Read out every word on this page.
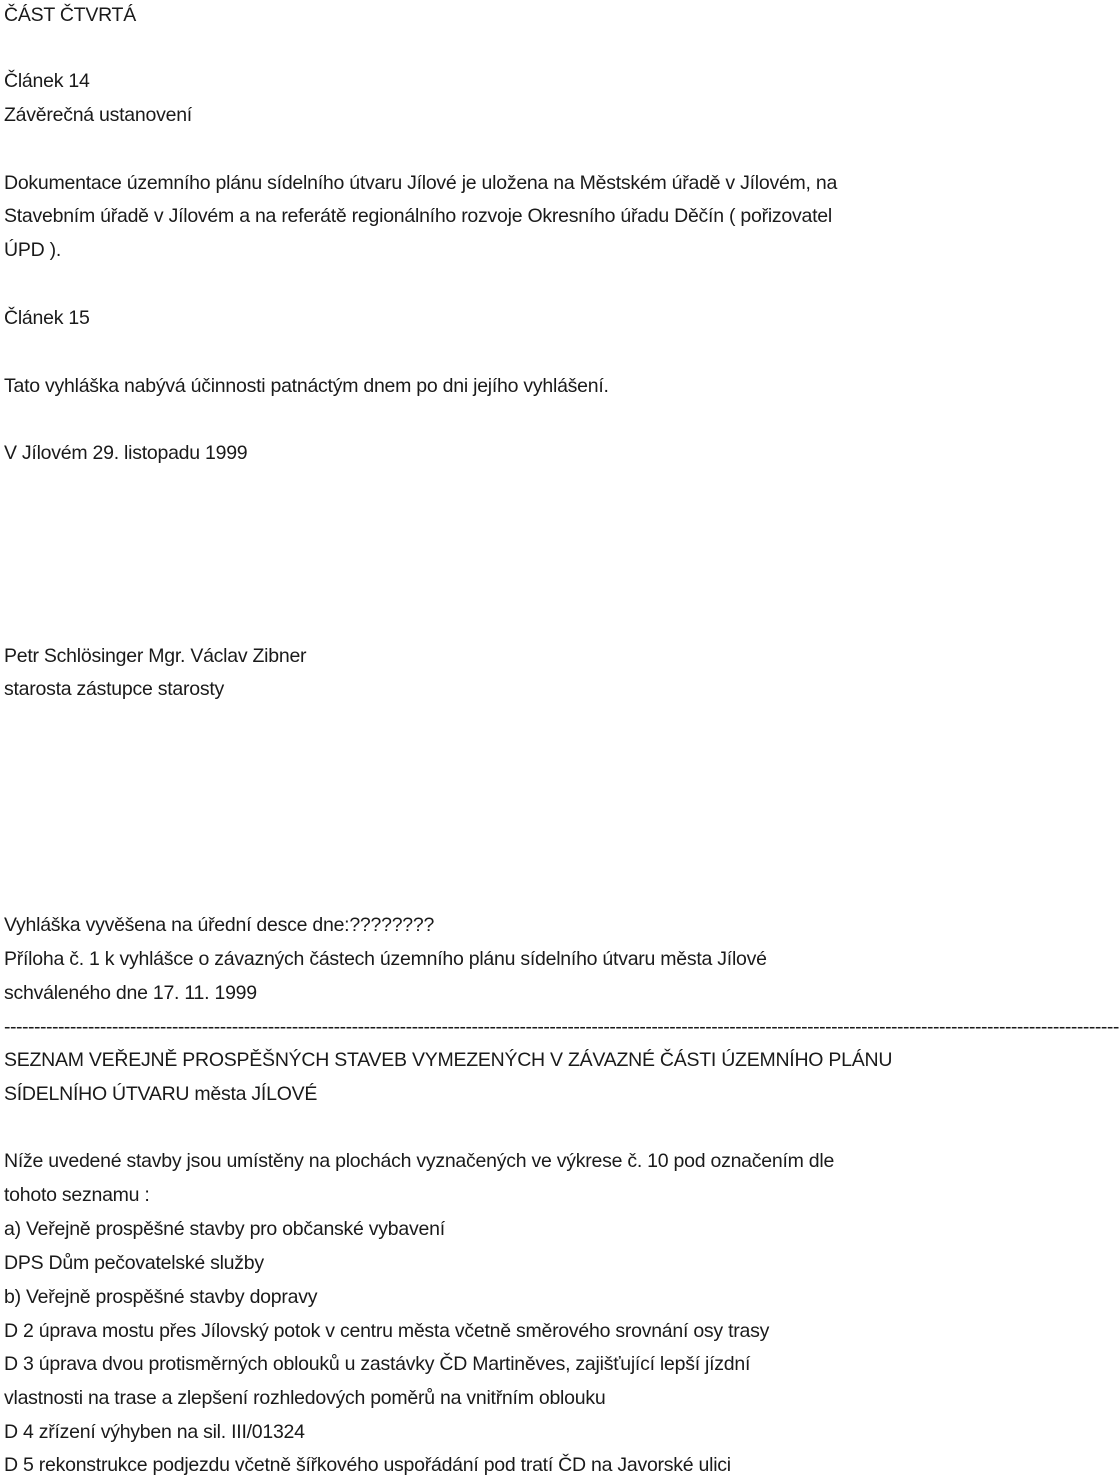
ČÁST ČTVRTÁ

Článek 14

Závěrečná ustanovení

Dokumentace územního plánu sídelního útvaru Jílové je uložena na Městském úřadě v Jílovém, na

Stavebním úřadě v Jílovém a na referátě regionálního rozvoje Okresního úřadu Děčín ( pořizovatel

ÚPD ).

Článek 15

Tato vyhláška nabývá účinnosti patnáctým dnem po dni jejího vyhlášení.

V Jílovém 29. listopadu 1999

Petr Schlösinger Mgr. Václav Zibner

starosta zástupce starosty

Vyhláška vyvěšena na úřední desce dne:????????

Příloha č. 1 k vyhlášce o závazných částech územního plánu sídelního útvaru města Jílové

schváleného dne 17. 11. 1999

------------------------------------------------------------------------------------------------------------------------------------------------------------------------------------------

SEZNAM VEŘEJNĚ PROSPĚŠNÝCH STAVEB VYMEZENÝCH V ZÁVAZNÉ ČÁSTI ÚZEMNÍHO PLÁNU

SÍDELNÍHO ÚTVARU města JÍLOVÉ

Níže uvedené stavby jsou umístěny na plochách vyznačených ve výkrese č. 10 pod označením dle

tohoto seznamu :

a) Veřejně prospěšné stavby pro občanské vybavení

DPS Dům pečovatelské služby

b) Veřejně prospěšné stavby dopravy

D 2 úprava mostu přes Jílovský potok v centru města včetně směrového srovnání osy trasy

D 3 úprava dvou protisměrných oblouků u zastávky ČD Martiněves, zajišťující lepší jízdní

vlastnosti na trase a zlepšení rozhledových poměrů na vnitřním oblouku

D 4 zřízení výhyben na sil. III/01324

D 5 rekonstrukce podjezdu včetně šířkového uspořádání pod tratí ČD na Javorské ulici
